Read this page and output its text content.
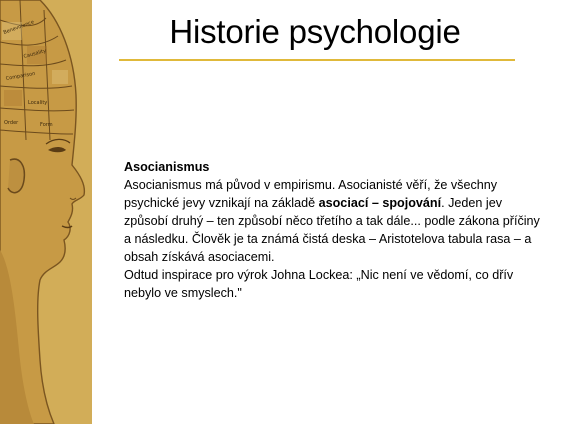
Benevolence
Causality
Comparison
Locality
Order	Form
Historie psychologie
Asocianismus

Asocianismus má původ v empirismu. Asocianisté věří, že všechny psychické jevy vznikají na základě asociací – spojování. Jeden jev způsobí druhý – ten způsobí něco třetího a tak dále... podle zákona příčiny a následku. Člověk je ta známá čistá deska – Aristotelova tabula rasa – a obsah získává asociacemi.

Odtud inspirace pro výrok Johna Lockea: „Nic není ve vědomí, co dřív nebylo ve smyslech."
